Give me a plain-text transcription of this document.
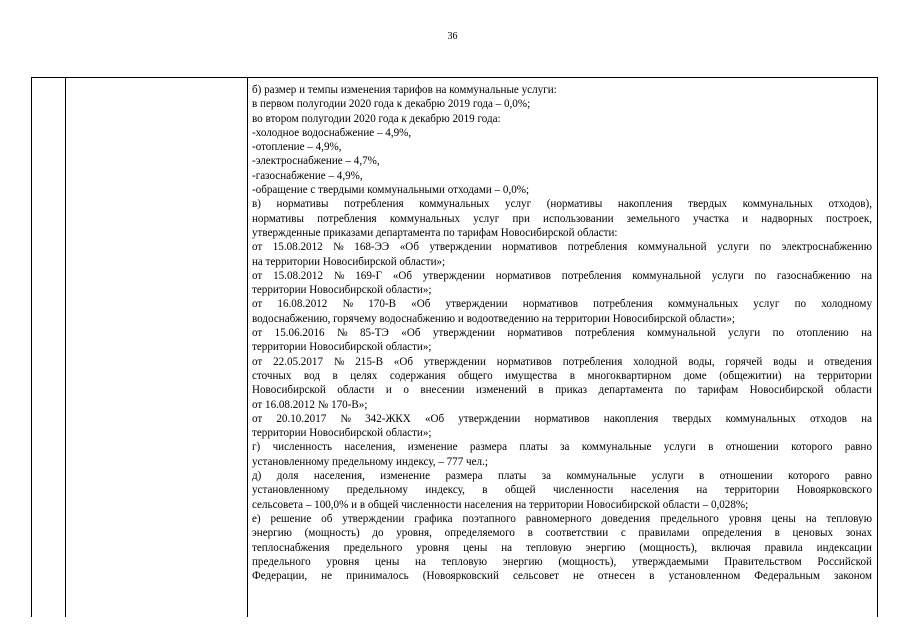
36
б) размер и темпы изменения тарифов на коммунальные услуги:
в первом полугодии 2020 года к декабрю 2019 года – 0,0%;
во втором полугодии 2020 года к декабрю 2019 года:
-холодное водоснабжение – 4,9%,
-отопление – 4,9%,
-электроснабжение – 4,7%,
-газоснабжение – 4,9%,
-обращение с твердыми коммунальными отходами – 0,0%;
в) нормативы потребления коммунальных услуг (нормативы накопления твердых коммунальных отходов),
нормативы потребления коммунальных услуг при использовании земельного участка и надворных построек,
утвержденные приказами департамента по тарифам Новосибирской области:
от 15.08.2012 № 168-ЭЭ «Об утверждении нормативов потребления коммунальной услуги по электроснабжению
на территории Новосибирской области»;
от 15.08.2012 № 169-Г «Об утверждении нормативов потребления коммунальной услуги по газоснабжению на
территории Новосибирской области»;
от 16.08.2012 № 170-В «Об утверждении нормативов потребления коммунальных услуг по холодному
водоснабжению, горячему водоснабжению и водоотведению на территории Новосибирской области»;
от 15.06.2016 № 85-ТЭ «Об утверждении нормативов потребления коммунальной услуги по отоплению на
территории Новосибирской области»;
от 22.05.2017 № 215-В «Об утверждении нормативов потребления холодной воды, горячей воды и отведения
сточных вод в целях содержания общего имущества в многоквартирном доме (общежитии) на территории
Новосибирской области и о внесении изменений в приказ департамента по тарифам Новосибирской области
от 16.08.2012 № 170-В»;
от 20.10.2017 № 342-ЖКХ «Об утверждении нормативов накопления твердых коммунальных отходов на
территории Новосибирской области»;
г) численность населения, изменение размера платы за коммунальные услуги в отношении которого равно
установленному предельному индексу, – 777 чел.;
д) доля населения, изменение размера платы за коммунальные услуги в отношении которого равно
установленному предельному индексу, в общей численности населения на территории Новоярковского
сельсовета – 100,0% и в общей численности населения на территории Новосибирской области – 0,028%;
е) решение об утверждении графика поэтапного равномерного доведения предельного уровня цены на тепловую
энергию (мощность) до уровня, определяемого в соответствии с правилами определения в ценовых зонах
теплоснабжения предельного уровня цены на тепловую энергию (мощность), включая правила индексации
предельного уровня цены на тепловую энергию (мощность), утверждаемыми Правительством Российской
Федерации, не принималось (Новоярковский сельсовет не отнесен в установленном Федеральным законом
